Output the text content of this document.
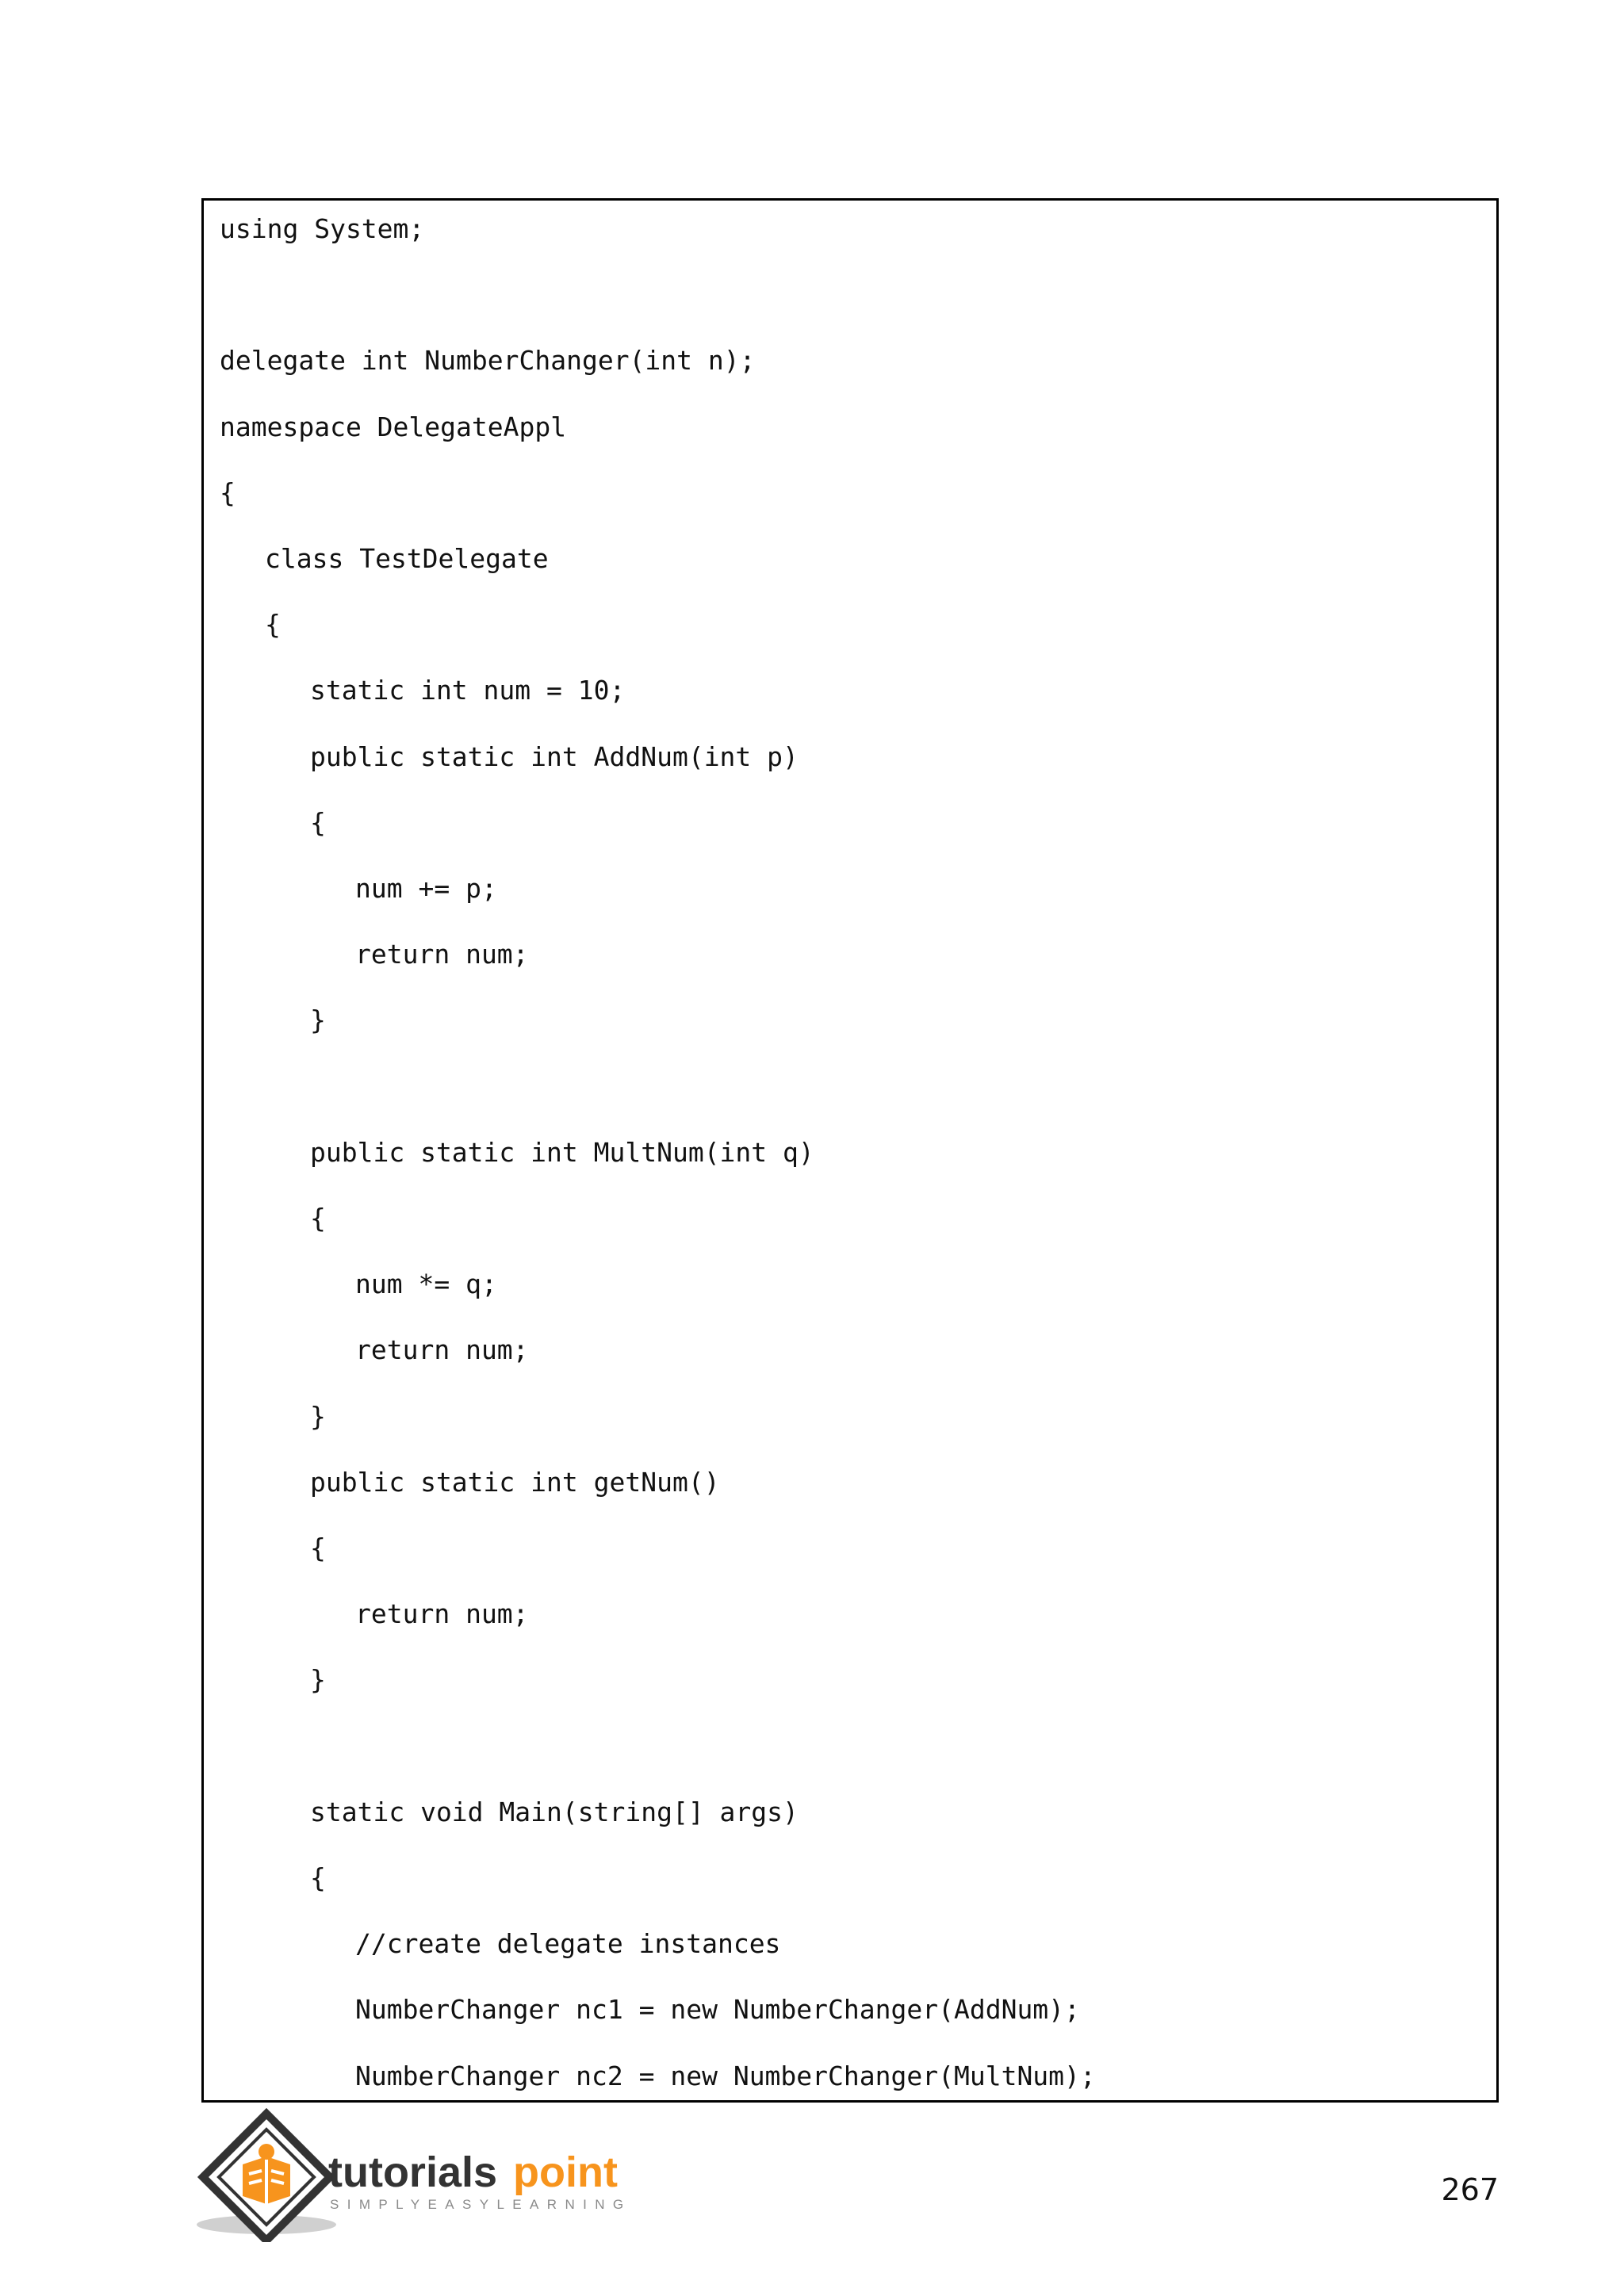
using System;
delegate int NumberChanger(int n);
namespace DelegateAppl
{
class TestDelegate
{
static int num = 10;
public static int AddNum(int p)
{
num += p;
return num;
}
public static int MultNum(int q)
{
num *= q;
return num;
}
public static int getNum()
{
return num;
}
static void Main(string[] args)
{
//create delegate instances
NumberChanger nc1 = new NumberChanger(AddNum);
NumberChanger nc2 = new NumberChanger(MultNum);
tutorials point
SIMPLYEASYLEARNING	267
